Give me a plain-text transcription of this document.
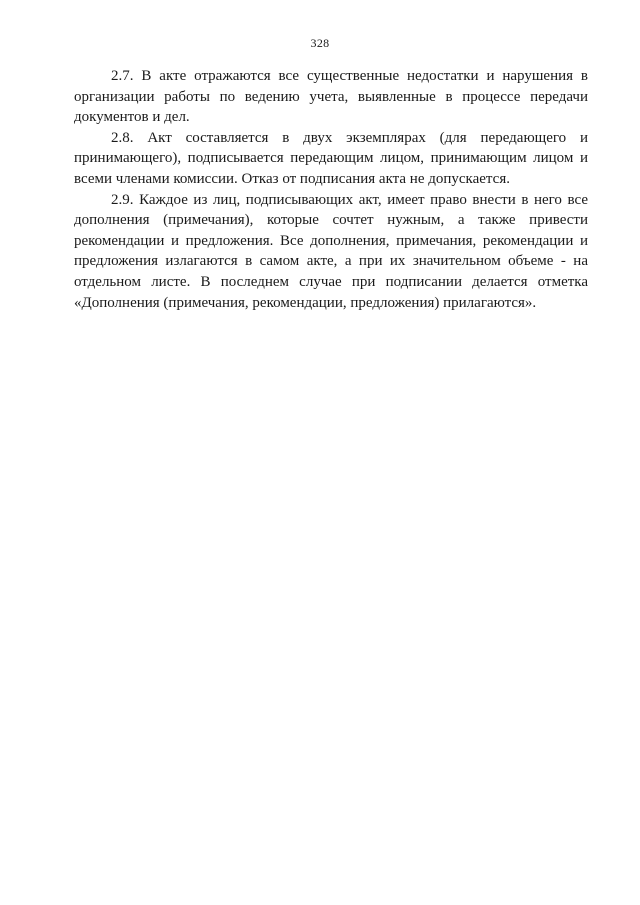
328

2.7. В акте отражаются все существенные недостатки и нарушения в организации работы по ведению учета, выявленные в процессе передачи документов и дел.

2.8. Акт составляется в двух экземплярах (для передающего и принимающего), подписывается передающим лицом, принимающим лицом и всеми членами комиссии. Отказ от подписания акта не допускается.

2.9. Каждое из лиц, подписывающих акт, имеет право внести в него все дополнения (примечания), которые сочтет нужным, а также привести рекомендации и предложения. Все дополнения, примечания, рекомендации и предложения излагаются в самом акте, а при их значительном объеме - на отдельном листе. В последнем случае при подписании делается отметка «Дополнения (примечания, рекомендации, предложения) прилагаются».
